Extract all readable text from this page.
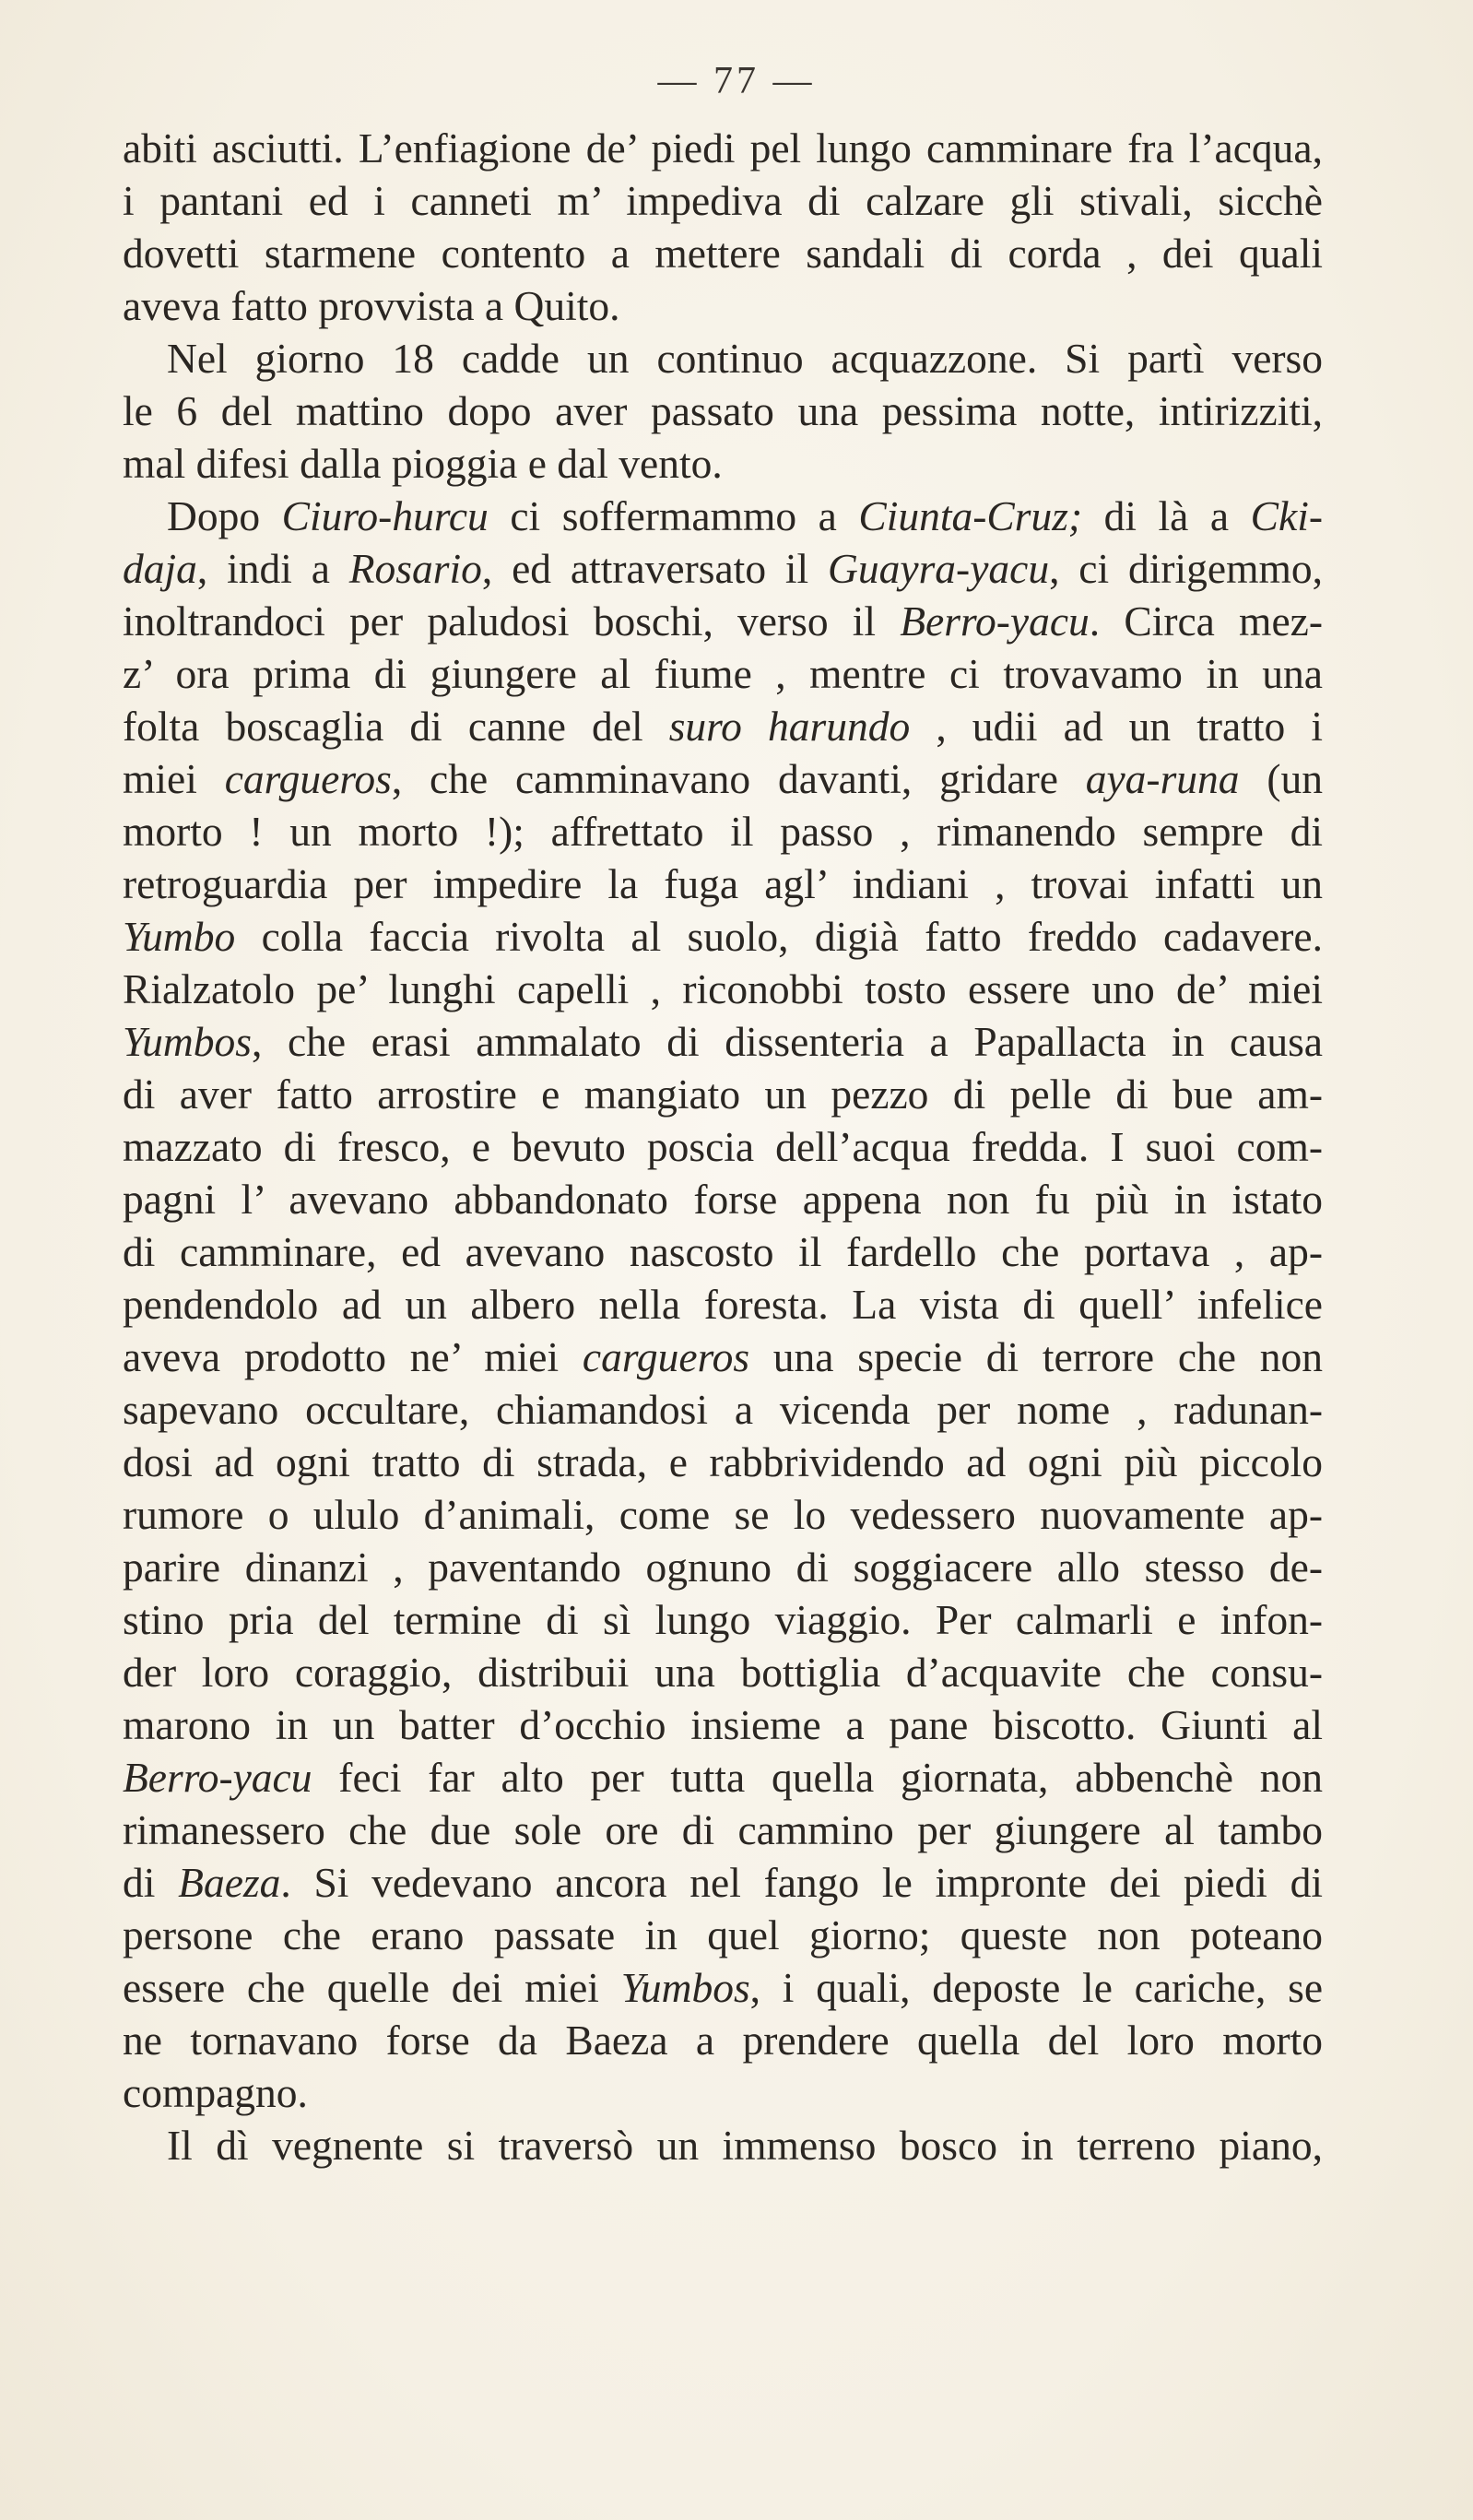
— 77 —
abiti asciutti. L’enfiagione de’ piedi pel lungo camminare fra l’acqua,
i pantani ed i canneti m’ impediva di calzare gli stivali, sicchè
dovetti starmene contento a mettere sandali di corda , dei quali
aveva fatto provvista a Quito.
Nel giorno 18 cadde un continuo acquazzone. Si partì verso
le 6 del mattino dopo aver passato una pessima notte, intirizziti,
mal difesi dalla pioggia e dal vento.
Dopo Ciuro-hurcu ci soffermammo a Ciunta-Cruz; di là a Cki-
daja, indi a Rosario, ed attraversato il Guayra-yacu, ci dirigemmo,
inoltrandoci per paludosi boschi, verso il Berro-yacu. Circa mez-
z’ ora prima di giungere al fiume , mentre ci trovavamo in una
folta boscaglia di canne del suro harundo , udii ad un tratto i
miei cargueros, che camminavano davanti, gridare aya-runa (un
morto ! un morto !); affrettato il passo , rimanendo sempre di
retroguardia per impedire la fuga agl’ indiani , trovai infatti un
Yumbo colla faccia rivolta al suolo, digià fatto freddo cadavere.
Rialzatolo pe’ lunghi capelli , riconobbi tosto essere uno de’ miei
Yumbos, che erasi ammalato di dissenteria a Papallacta in causa
di aver fatto arrostire e mangiato un pezzo di pelle di bue am-
mazzato di fresco, e bevuto poscia dell’acqua fredda. I suoi com-
pagni l’ avevano abbandonato forse appena non fu più in istato
di camminare, ed avevano nascosto il fardello che portava , ap-
pendendolo ad un albero nella foresta. La vista di quell’ infelice
aveva prodotto ne’ miei cargueros una specie di terrore che non
sapevano occultare, chiamandosi a vicenda per nome , radunan-
dosi ad ogni tratto di strada, e rabbrividendo ad ogni più piccolo
rumore o ululo d’animali, come se lo vedessero nuovamente ap-
parire dinanzi , paventando ognuno di soggiacere allo stesso de-
stino pria del termine di sì lungo viaggio. Per calmarli e infon-
der loro coraggio, distribuii una bottiglia d’acquavite che consu-
marono in un batter d’occhio insieme a pane biscotto. Giunti al
Berro-yacu feci far alto per tutta quella giornata, abbenchè non
rimanessero che due sole ore di cammino per giungere al tambo
di Baeza. Si vedevano ancora nel fango le impronte dei piedi di
persone che erano passate in quel giorno; queste non poteano
essere che quelle dei miei Yumbos, i quali, deposte le cariche, se
ne tornavano forse da Baeza a prendere quella del loro morto
compagno.
Il dì vegnente si traversò un immenso bosco in terreno piano,
